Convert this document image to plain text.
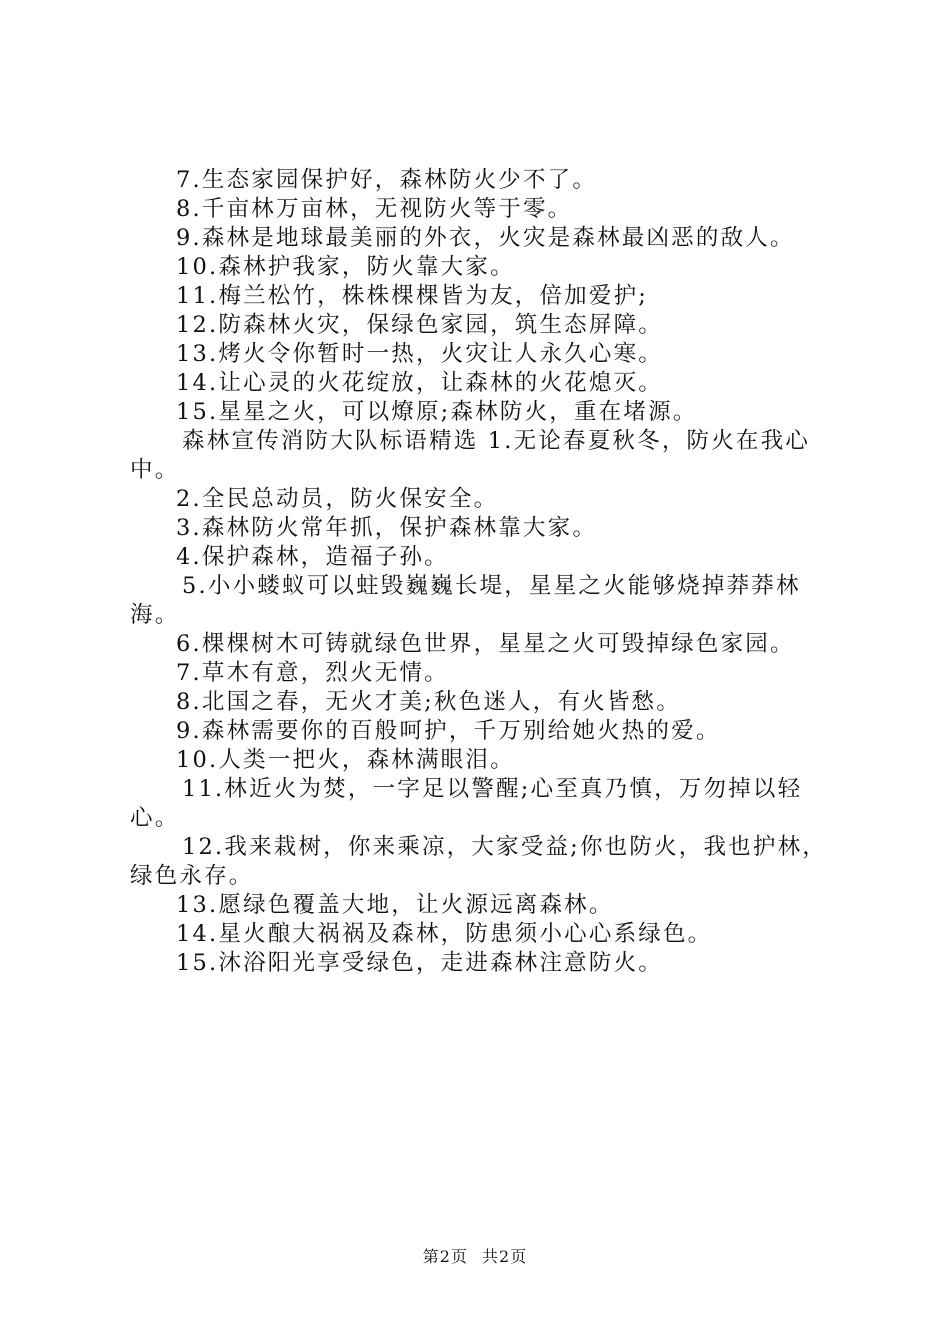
7.生态家园保护好，森林防火少不了。

8.千亩林万亩林，无视防火等于零。

9.森林是地球最美丽的外衣，火灾是森林最凶恶的敌人。

10.森林护我家，防火靠大家。

11.梅兰松竹，株株棵棵皆为友，倍加爱护;

12.防森林火灾，保绿色家园，筑生态屏障。

13.烤火令你暂时一热，火灾让人永久心寒。

14.让心灵的火花绽放，让森林的火花熄灭。

15.星星之火，可以燎原;森林防火，重在堵源。

森林宣传消防大队标语精选 1.无论春夏秋冬，防火在我心

中。

2.全民总动员，防火保安全。

3.森林防火常年抓，保护森林靠大家。

4.保护森林，造福子孙。

5.小小蝼蚁可以蛀毁巍巍长堤，星星之火能够烧掉莽莽林

海。

6.棵棵树木可铸就绿色世界，星星之火可毁掉绿色家园。

7.草木有意，烈火无情。

8.北国之春，无火才美;秋色迷人，有火皆愁。

9.森林需要你的百般呵护，千万别给她火热的爱。

10.人类一把火，森林满眼泪。

11.林近火为焚，一字足以警醒;心至真乃慎，万勿掉以轻

心。

12.我来栽树，你来乘凉，大家受益;你也防火，我也护林，

绿色永存。

13.愿绿色覆盖大地，让火源远离森林。

14.星火酿大祸祸及森林，防患须小心心系绿色。

15.沐浴阳光享受绿色，走进森林注意防火。

第2页 共2页
